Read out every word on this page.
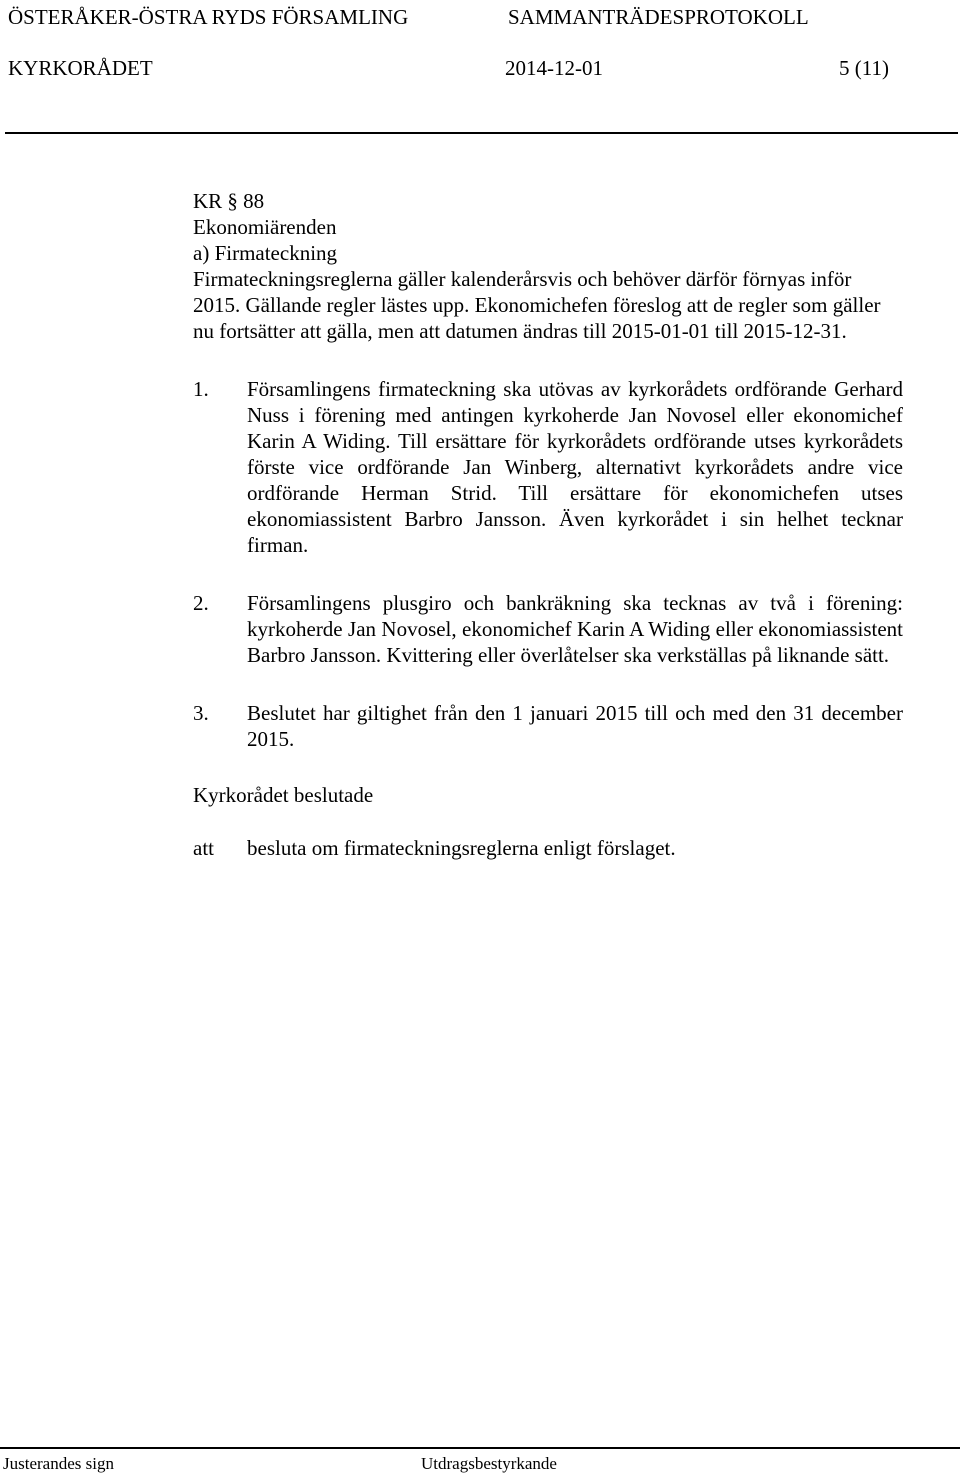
ÖSTERÅKER-ÖSTRA RYDS FÖRSAMLING	SAMMANTRÄDESPROTOKOLL
KYRKORÅDET	2014-12-01	5 (11)
KR § 88
Ekonomiärenden
a) Firmateckning

Firmateckningsreglerna gäller kalenderårsvis och behöver därför förnyas inför 2015. Gällande regler lästes upp. Ekonomichefen föreslog att de regler som gäller nu fortsätter att gälla, men att datumen ändras till 2015-01-01 till 2015-12-31.

1. Församlingens firmateckning ska utövas av kyrkorådets ordförande Gerhard Nuss i förening med antingen kyrkoherde Jan Novosel eller ekonomichef Karin A Widing. Till ersättare för kyrkorådets ordförande utses kyrkorådets förste vice ordförande Jan Winberg, alternativt kyrkorådets andre vice ordförande Herman Strid. Till ersättare för ekonomichefen utses ekonomiassistent Barbro Jansson. Även kyrkorådet i sin helhet tecknar firman.
2. Församlingens plusgiro och bankräkning ska tecknas av två i förening: kyrkoherde Jan Novosel, ekonomichef Karin A Widing eller ekonomiassistent Barbro Jansson. Kvittering eller överlåtelser ska verkställas på liknande sätt.
3. Beslutet har giltighet från den 1 januari 2015 till och med den 31 december 2015.
Kyrkorådet beslutade
att besluta om firmateckningsreglerna enligt förslaget.
Justerandes sign	Utdragsbestyrkande
